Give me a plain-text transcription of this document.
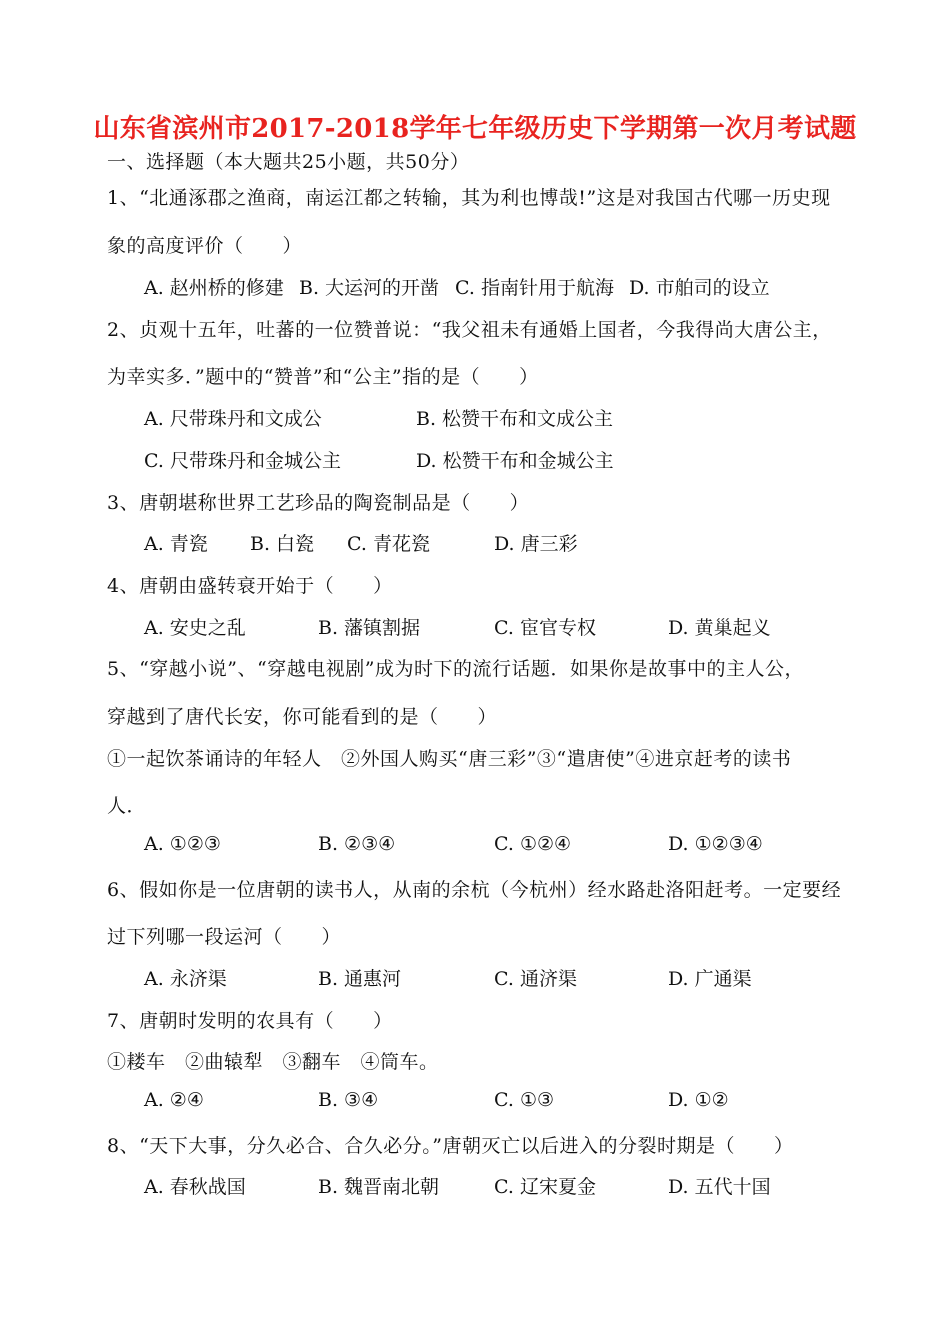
山东省滨州市2017-2018学年七年级历史下学期第一次月考试题
一、选择题（本大题共25小题，共50分）
1、“北通涿郡之渔商，南运江都之转输，其为利也博哉!”这是对我国古代哪一历史现
象的高度评价（　　）
A. 赵州桥的修建 B. 大运河的开凿 C. 指南针用于航海 D. 市舶司的设立
2、贞观十五年，吐蕃的一位赞普说：“我父祖未有通婚上国者，今我得尚大唐公主，
为幸实多．”题中的“赞普”和“公主”指的是（　　）
A. 尺带珠丹和文成公	B. 松赞干布和文成公主
C. 尺带珠丹和金城公主	D. 松赞干布和金城公主
3、唐朝堪称世界工艺珍品的陶瓷制品是（　　）
A. 青瓷 B. 白瓷 C. 青花瓷	D. 唐三彩
4、唐朝由盛转衰开始于（　　）
A. 安史之乱	B. 藩镇割据	C. 宦官专权	D. 黄巢起义
5、“穿越小说”、“穿越电视剧”成为时下的流行话题．如果你是故事中的主人公，
穿越到了唐代长安，你可能看到的是（　　）
①一起饮茶诵诗的年轻人　②外国人购买“唐三彩”③“遣唐使”④进京赶考的读书
人．
A. ①②③	B. ②③④	C. ①②④	D. ①②③④
6、假如你是一位唐朝的读书人，从南的余杭（今杭州）经水路赴洛阳赶考。一定要经
过下列哪一段运河（　　）
A. 永济渠	B. 通惠河	C. 通济渠	D. 广通渠
7、唐朝时发明的农具有（　　）
①耧车　②曲辕犁　③翻车　④筒车。
A. ②④	B. ③④	C. ①③	D. ①②
8、“天下大事，分久必合、合久必分。”唐朝灭亡以后进入的分裂时期是（　　）
A. 春秋战国	B. 魏晋南北朝	C. 辽宋夏金	D. 五代十国
